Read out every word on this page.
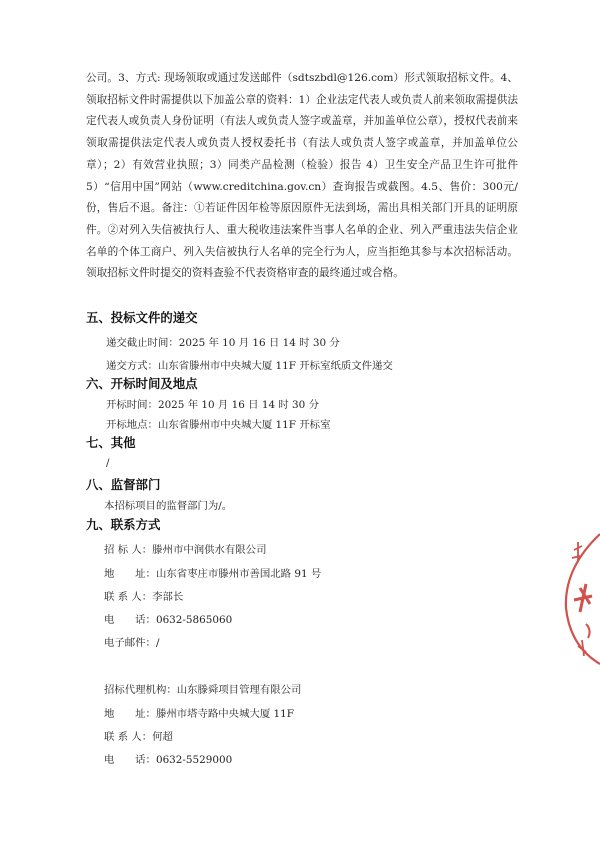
公司。3、方式: 现场领取或通过发送邮件（sdtszbdl@126.com）形式领取招标文件。4、领取招标文件时需提供以下加盖公章的资料：1）企业法定代表人或负责人前来领取需提供法定代表人或负责人身份证明（有法人或负责人签字或盖章，并加盖单位公章），授权代表前来领取需提供法定代表人或负责人授权委托书（有法人或负责人签字或盖章，并加盖单位公章）；2）有效营业执照；3）同类产品检测（检验）报告 4）卫生安全产品卫生许可批件 5）“信用中国”网站（www.creditchina.gov.cn）查询报告或截图。4.5、售价：300元/份，售后不退。备注：①若证件因年检等原因原件无法到场，需出具相关部门开具的证明原件。②对列入失信被执行人、重大税收违法案件当事人名单的企业、列入严重违法失信企业名单的个体工商户、列入失信被执行人名单的完全行为人，应当拒绝其参与本次招标活动。领取招标文件时提交的资料查验不代表资格审查的最终通过或合格。

五、投标文件的递交

递交截止时间：2025 年 10 月 16 日 14 时 30 分

递交方式：山东省滕州市中央城大厦 11F 开标室纸质文件递交

六、开标时间及地点

开标时间：2025 年 10 月 16 日 14 时 30 分

开标地点：山东省滕州市中央城大厦 11F 开标室

七、其他

/

八、监督部门

本招标项目的监督部门为/。

九、联系方式

招 标 人：滕州市中润供水有限公司

地　　址：山东省枣庄市滕州市善国北路 91 号

联 系 人：李部长

电　　话：0632-5865060

电子邮件：/

招标代理机构：山东滕舜项目管理有限公司

地　　址：滕州市塔寺路中央城大厦 11F

联 系 人：何超

电　　话：0632-5529000
